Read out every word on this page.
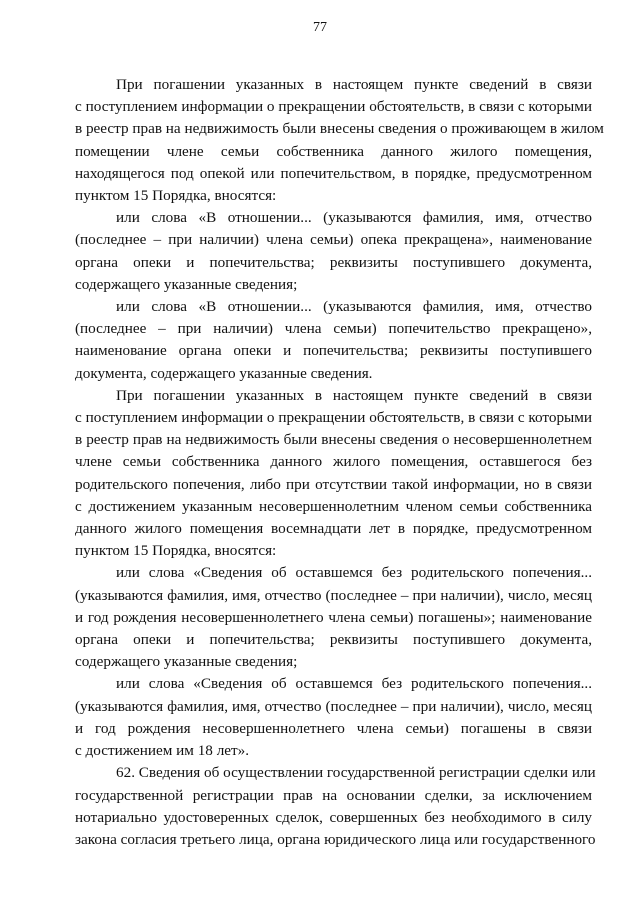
77

При погашении указанных в настоящем пункте сведений в связи
с поступлением информации о прекращении обстоятельств, в связи с которыми
в реестр прав на недвижимость были внесены сведения о проживающем в жилом
помещении члене семьи собственника данного жилого помещения,
находящегося под опекой или попечительством, в порядке, предусмотренном
пунктом 15 Порядка, вносятся:

или слова «В отношении... (указываются фамилия, имя, отчество
(последнее – при наличии) члена семьи) опека прекращена», наименование
органа опеки и попечительства; реквизиты поступившего документа,
содержащего указанные сведения;

или слова «В отношении... (указываются фамилия, имя, отчество
(последнее – при наличии) члена семьи) попечительство прекращено»,
наименование органа опеки и попечительства; реквизиты поступившего
документа, содержащего указанные сведения.

При погашении указанных в настоящем пункте сведений в связи
с поступлением информации о прекращении обстоятельств, в связи с которыми
в реестр прав на недвижимость были внесены сведения о несовершеннолетнем
члене семьи собственника данного жилого помещения, оставшегося без
родительского попечения, либо при отсутствии такой информации, но в связи
с достижением указанным несовершеннолетним членом семьи собственника
данного жилого помещения восемнадцати лет в порядке, предусмотренном
пунктом 15 Порядка, вносятся:

или слова «Сведения об оставшемся без родительского попечения...
(указываются фамилия, имя, отчество (последнее – при наличии), число, месяц
и год рождения несовершеннолетнего члена семьи) погашены»; наименование
органа опеки и попечительства; реквизиты поступившего документа,
содержащего указанные сведения;

или слова «Сведения об оставшемся без родительского попечения...
(указываются фамилия, имя, отчество (последнее – при наличии), число, месяц
и год рождения несовершеннолетнего члена семьи) погашены в связи
с достижением им 18 лет».

62. Сведения об осуществлении государственной регистрации сделки или
государственной регистрации прав на основании сделки, за исключением
нотариально удостоверенных сделок, совершенных без необходимого в силу
закона согласия третьего лица, органа юридического лица или государственного
